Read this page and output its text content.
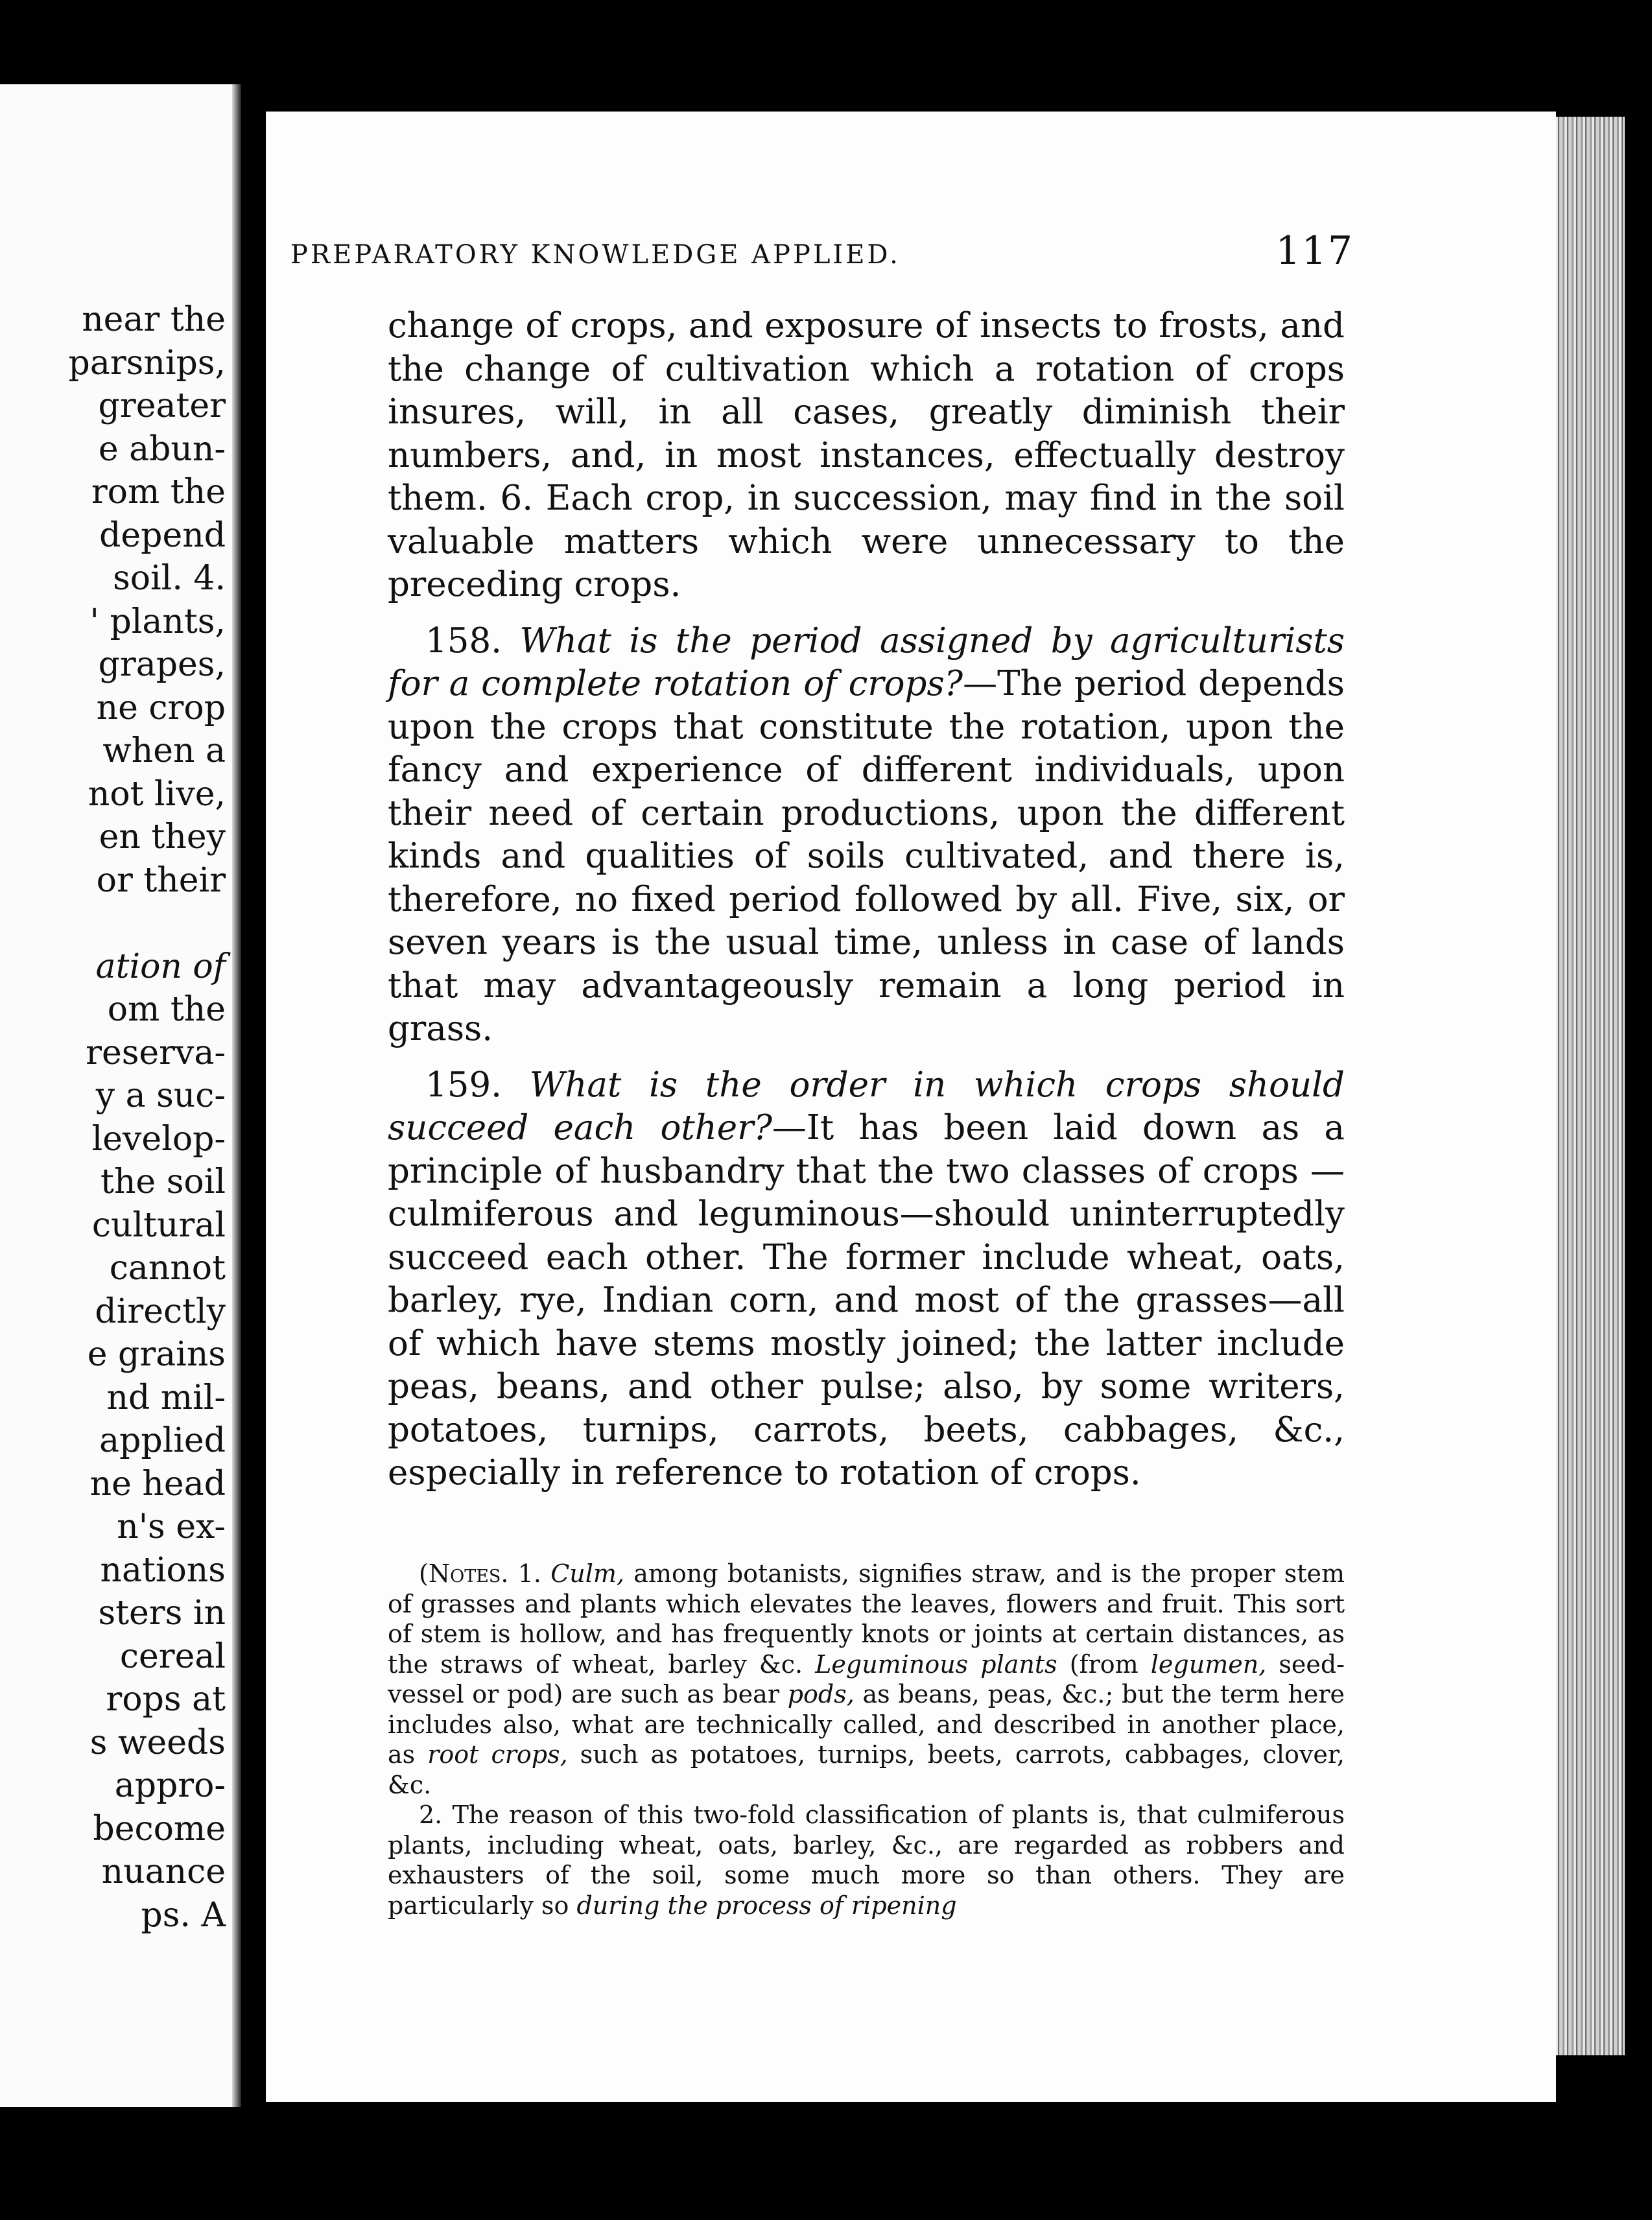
near the
parsnips,
greater
e abun-
rom the
depend
soil. 4.
' plants,
grapes,
ne crop
when a
not live,
en they
or their

ation of
om the
reserva-
y a suc-
levelop-
the soil
cultural
cannot
directly
e grains
nd mil-
applied
ne head
n's ex-
nations
sters in
cereal
rops at
s weeds
appro-
become
nuance
ps. A
PREPARATORY KNOWLEDGE APPLIED.	117

change of crops, and exposure of insects to frosts, and the change of cultivation which a rotation of crops insures, will, in all cases, greatly diminish their numbers, and, in most instances, effectually destroy them. 6. Each crop, in succession, may find in the soil valuable matters which were unnecessary to the preceding crops.

158. What is the period assigned by agriculturists for a complete rotation of crops?—The period depends upon the crops that constitute the rotation, upon the fancy and experience of different individuals, upon their need of certain productions, upon the different kinds and qualities of soils cultivated, and there is, therefore, no fixed period followed by all. Five, six, or seven years is the usual time, unless in case of lands that may advantageously remain a long period in grass.

159. What is the order in which crops should succeed each other?—It has been laid down as a principle of husbandry that the two classes of crops —culmiferous and leguminous—should uninterruptedly succeed each other. The former include wheat, oats, barley, rye, Indian corn, and most of the grasses—all of which have stems mostly joined; the latter include peas, beans, and other pulse; also, by some writers, potatoes, turnips, carrots, beets, cabbages, &c., especially in reference to rotation of crops.

(Notes. 1. Culm, among botanists, signifies straw, and is the proper stem of grasses and plants which elevates the leaves, flowers and fruit. This sort of stem is hollow, and has frequently knots or joints at certain distances, as the straws of wheat, barley &c. Leguminous plants (from legumen, seed-vessel or pod) are such as bear pods, as beans, peas, &c.; but the term here includes also, what are technically called, and described in another place, as root crops, such as potatoes, turnips, beets, carrots, cabbages, clover, &c.

2. The reason of this two-fold classification of plants is, that culmiferous plants, including wheat, oats, barley, &c., are regarded as robbers and exhausters of the soil, some much more so than others. They are particularly so during the process of ripening
